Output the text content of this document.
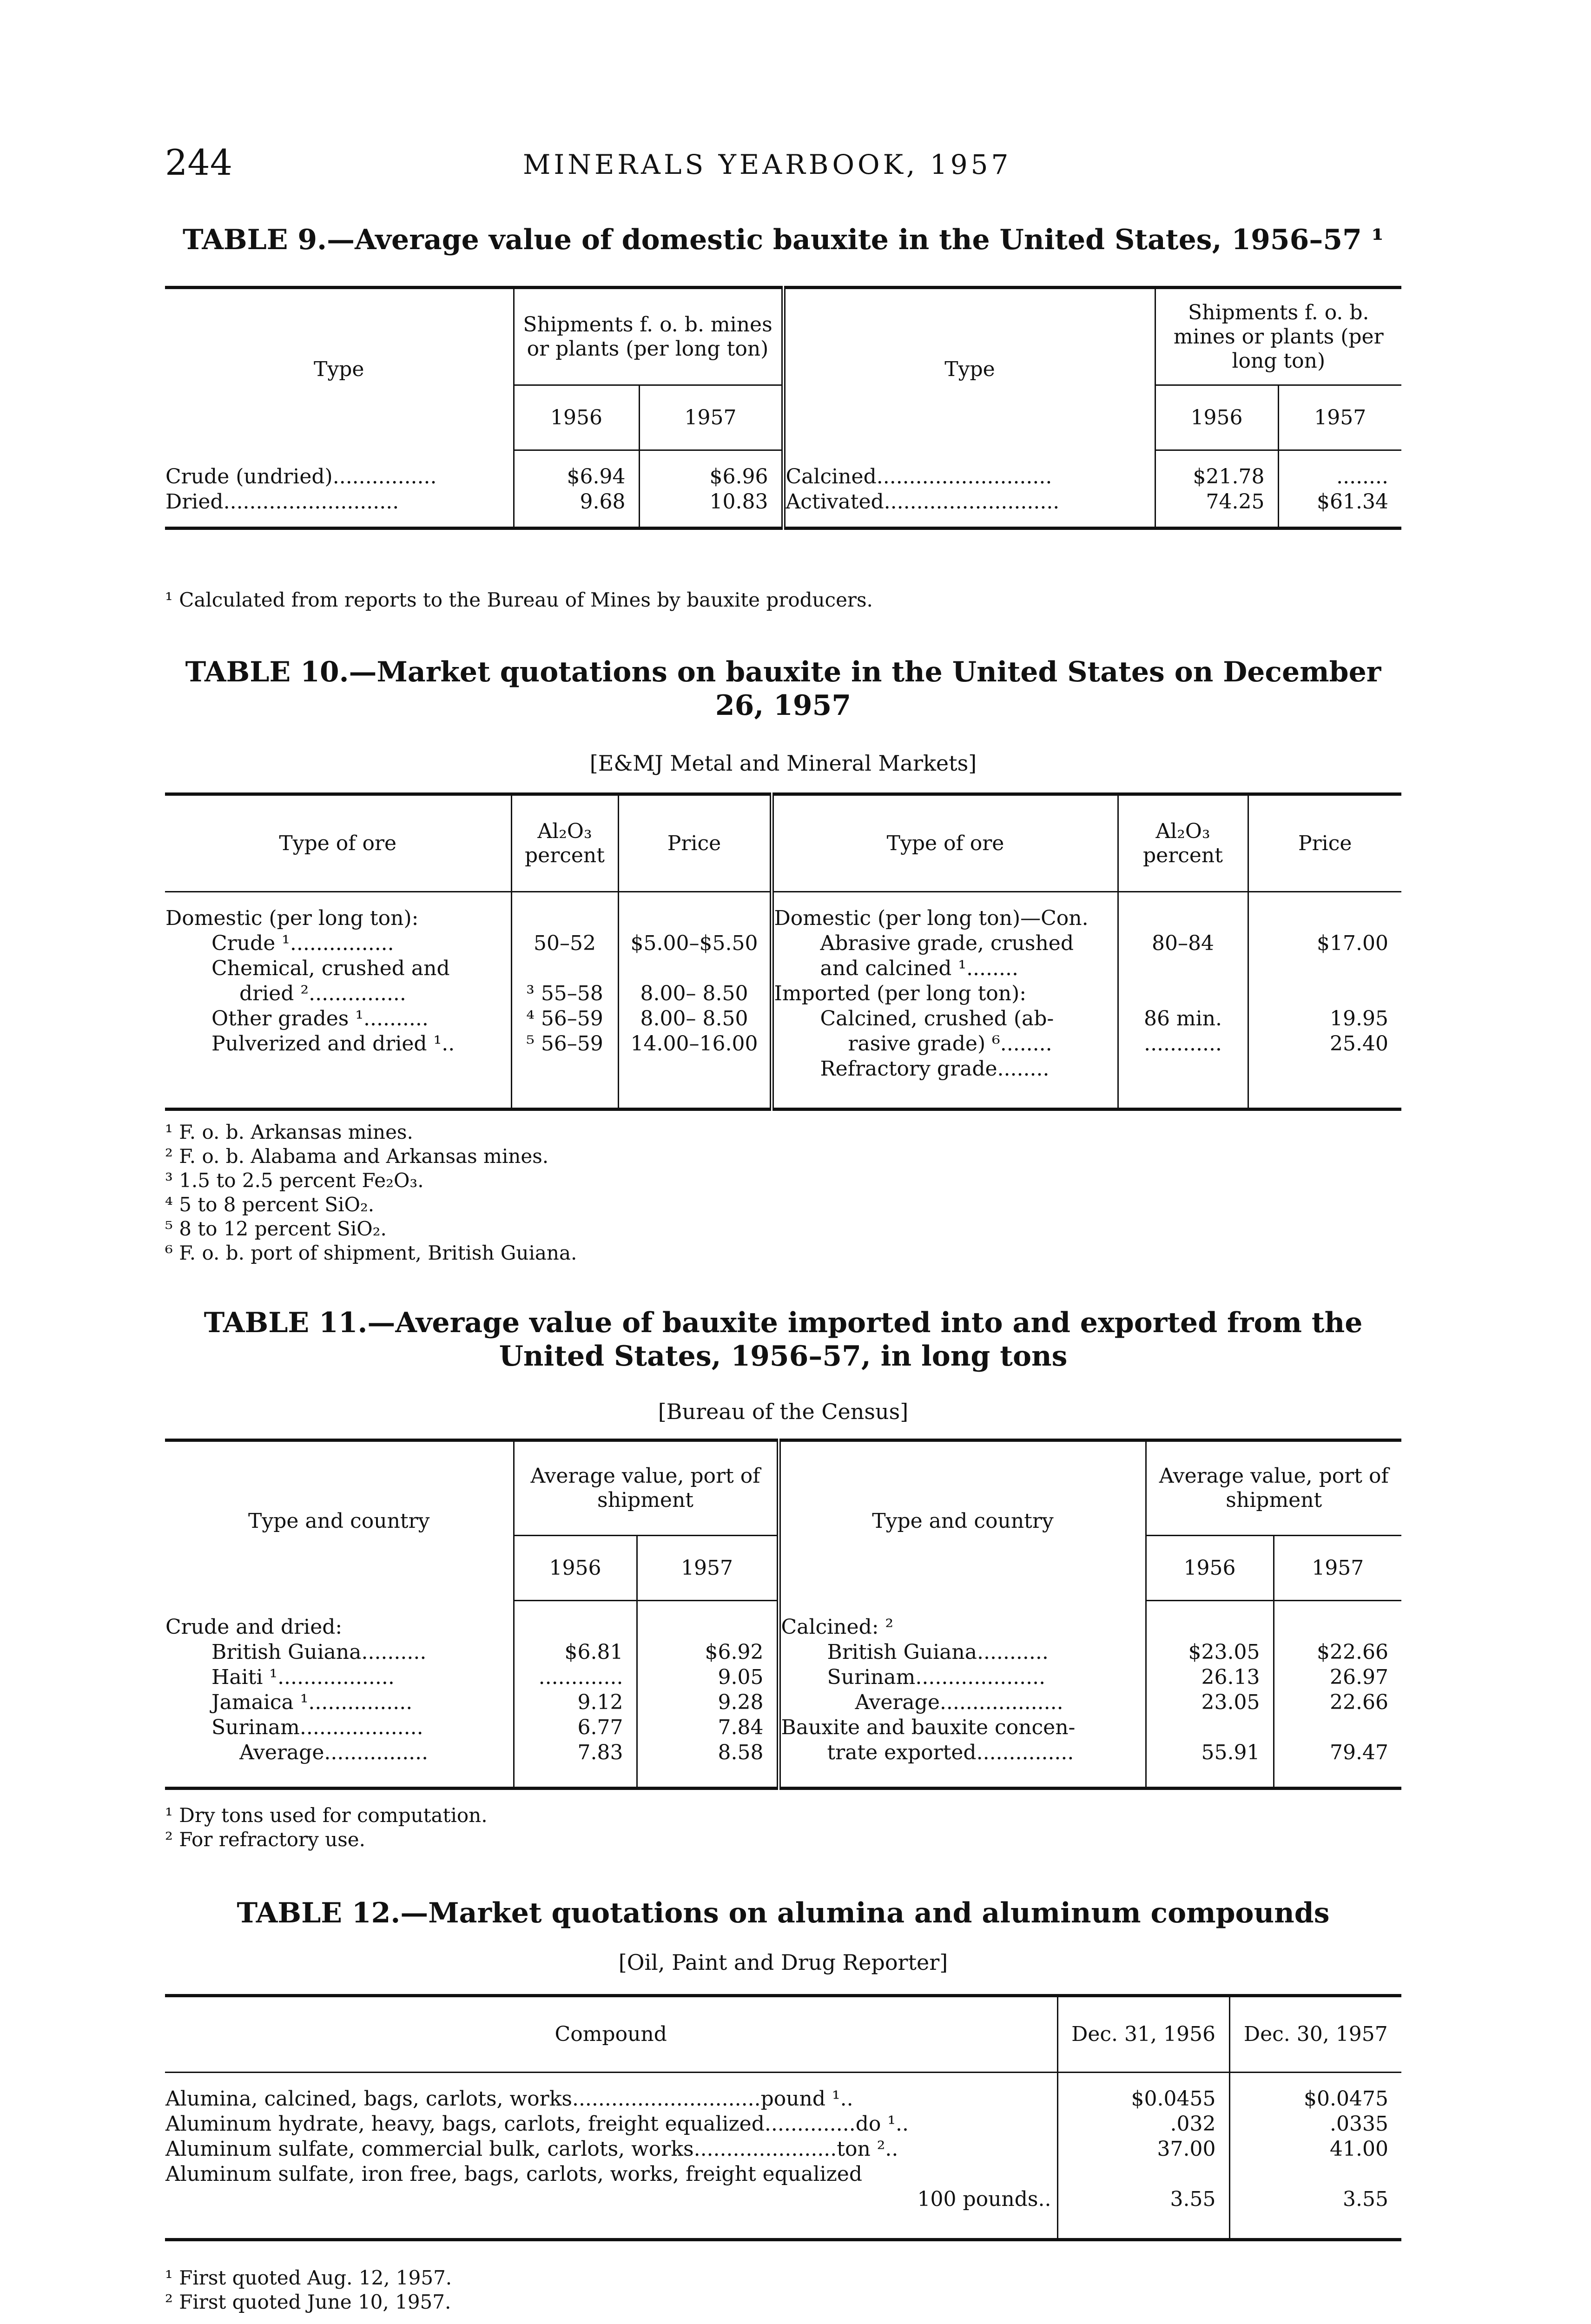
244	MINERALS YEARBOOK, 1957
TABLE 9.—Average value of domestic bauxite in the United States, 1956–57 ¹
Type	Shipments f. o. b. mines or plants (per long ton)		Type	Shipments f. o. b. mines or plants (per long ton)	
	1956	1957		1956	1957

Crude (undried)................	$6.94	$6.96	Calcined...........................	$21.78	........
Dried...........................	9.68	10.83	Activated...........................	74.25	$61.34

¹ Calculated from reports to the Bureau of Mines by bauxite producers.
TABLE 10.—Market quotations on bauxite in the United States on December 26, 1957
[E&MJ Metal and Mineral Markets]
Type of ore	Al₂O₃ percent	Price	Type of ore	Al₂O₃ percent	Price

Domestic (per long ton):			Domestic (per long ton)—Con.		
Crude ¹................	50–52	$5.00–$5.50	Abrasive grade, crushed	80–84	$17.00
Chemical, crushed and			and calcined ¹........		
dried ²...............	³ 55–58	8.00– 8.50	Imported (per long ton):		
Other grades ¹..........	⁴ 56–59	8.00– 8.50	Calcined, crushed (ab-	86 min.	19.95
Pulverized and dried ¹..	⁵ 56–59	14.00–16.00	rasive grade) ⁶........	............	25.40
			Refractory grade........		

¹ F. o. b. Arkansas mines.
² F. o. b. Alabama and Arkansas mines.
³ 1.5 to 2.5 percent Fe₂O₃.
⁴ 5 to 8 percent SiO₂.
⁵ 8 to 12 percent SiO₂.
⁶ F. o. b. port of shipment, British Guiana.
TABLE 11.—Average value of bauxite imported into and exported from the United States, 1956–57, in long tons
[Bureau of the Census]
Type and country	Average value, port of shipment		Type and country	Average value, port of shipment	
	1956	1957		1956	1957

Crude and dried:			Calcined: ²		
British Guiana..........	$6.81	$6.92	British Guiana...........	$23.05	$22.66
Haiti ¹..................	.............	9.05	Surinam....................	26.13	26.97
Jamaica ¹................	9.12	9.28	Average...................	23.05	22.66
Surinam...................	6.77	7.84	Bauxite and bauxite concen-		
Average................	7.83	8.58	trate exported...............	55.91	79.47

¹ Dry tons used for computation.
² For refractory use.
TABLE 12.—Market quotations on alumina and aluminum compounds
[Oil, Paint and Drug Reporter]
Compound	Dec. 31, 1956	Dec. 30, 1957

Alumina, calcined, bags, carlots, works.............................pound ¹..	$0.0455	$0.0475
Aluminum hydrate, heavy, bags, carlots, freight equalized..............do ¹..	.032	.0335
Aluminum sulfate, commercial bulk, carlots, works......................ton ²..	37.00	41.00
Aluminum sulfate, iron free, bags, carlots, works, freight equalized		
100 pounds..	3.55	3.55

¹ First quoted Aug. 12, 1957.
² First quoted June 10, 1957.
